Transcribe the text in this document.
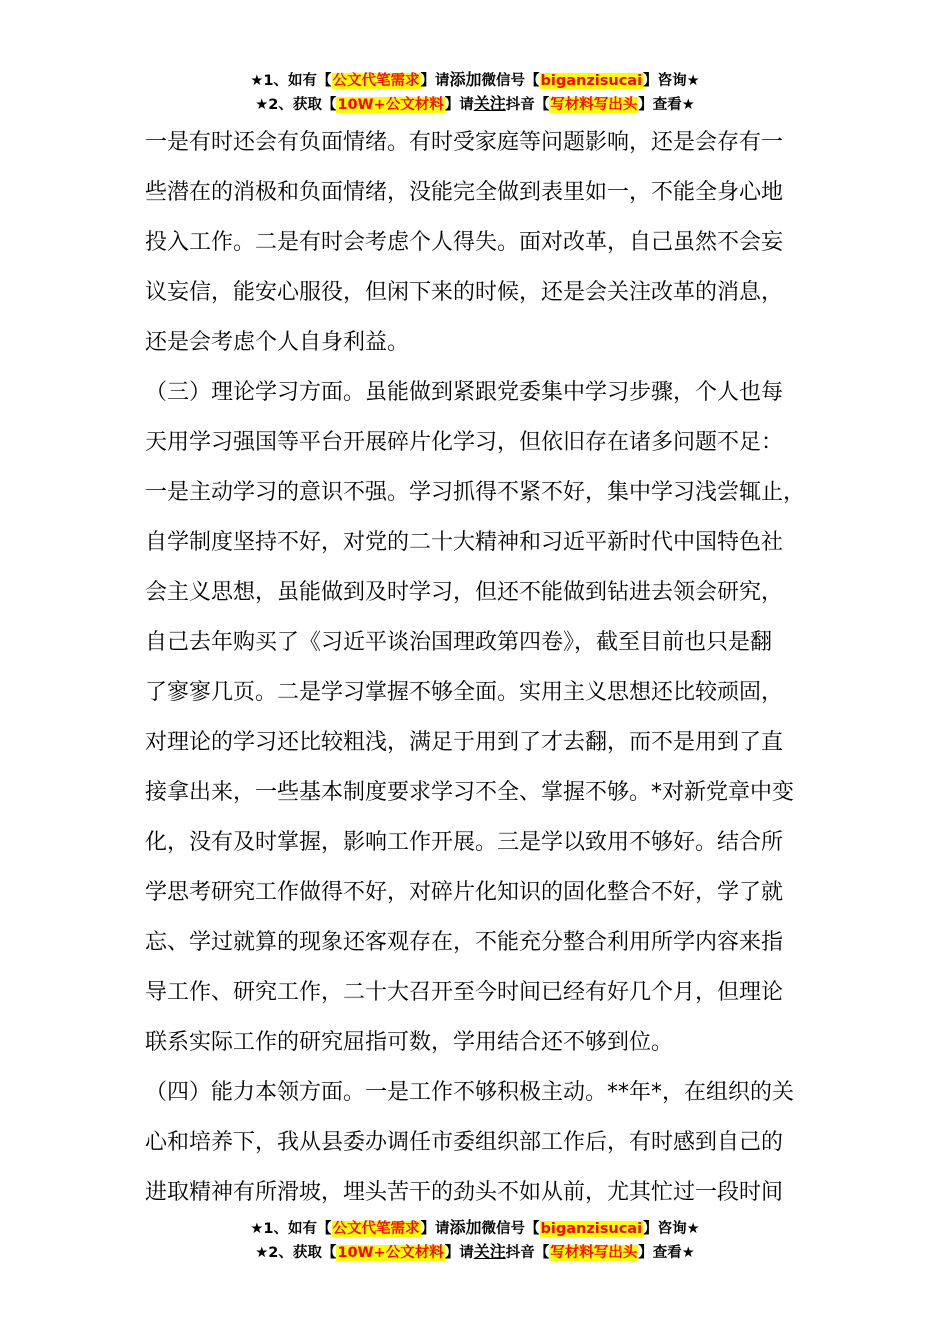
★1、如有【公文代笔需求】请添加微信号【biganzisucai】咨询★
★2、获取【10W+公文材料】请关注抖音【写材料写出头】查看★
一是有时还会有负面情绪。有时受家庭等问题影响，还是会存有一
些潜在的消极和负面情绪，没能完全做到表里如一，不能全身心地
投入工作。二是有时会考虑个人得失。面对改革，自己虽然不会妄
议妄信，能安心服役，但闲下来的时候，还是会关注改革的消息，
还是会考虑个人自身利益。
（三）理论学习方面。虽能做到紧跟党委集中学习步骤，个人也每
天用学习强国等平台开展碎片化学习，但依旧存在诸多问题不足：
一是主动学习的意识不强。学习抓得不紧不好，集中学习浅尝辄止，
自学制度坚持不好，对党的二十大精神和习近平新时代中国特色社
会主义思想，虽能做到及时学习，但还不能做到钻进去领会研究，
自己去年购买了《习近平谈治国理政第四卷》，截至目前也只是翻
了寥寥几页。二是学习掌握不够全面。实用主义思想还比较顽固，
对理论的学习还比较粗浅，满足于用到了才去翻，而不是用到了直
接拿出来，一些基本制度要求学习不全、掌握不够。*对新党章中变
化，没有及时掌握，影响工作开展。三是学以致用不够好。结合所
学思考研究工作做得不好，对碎片化知识的固化整合不好，学了就
忘、学过就算的现象还客观存在，不能充分整合利用所学内容来指
导工作、研究工作，二十大召开至今时间已经有好几个月，但理论
联系实际工作的研究屈指可数，学用结合还不够到位。
（四）能力本领方面。一是工作不够积极主动。**年*，在组织的关
心和培养下，我从县委办调任市委组织部工作后，有时感到自己的
进取精神有所滑坡，埋头苦干的劲头不如从前，尤其忙过一段时间
★1、如有【公文代笔需求】请添加微信号【biganzisucai】咨询★
★2、获取【10W+公文材料】请关注抖音【写材料写出头】查看★
